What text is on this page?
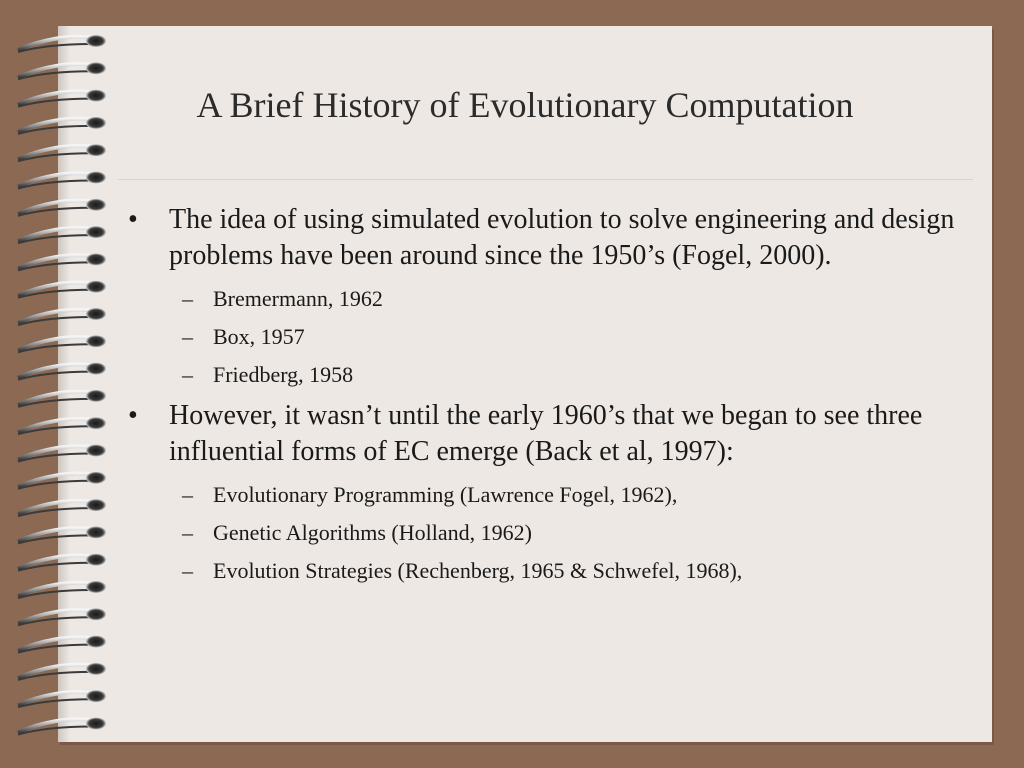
A Brief History of Evolutionary Computation
•	The idea of using simulated evolution to solve engineering and design problems have been around since the 1950’s (Fogel, 2000).
– Bremermann, 1962
– Box, 1957
– Friedberg, 1958
•	However, it wasn’t until the early 1960’s that we began to see three influential forms of EC emerge (Back et al, 1997):
– Evolutionary Programming (Lawrence Fogel, 1962),
– Genetic Algorithms (Holland, 1962)
– Evolution Strategies (Rechenberg, 1965 & Schwefel, 1968),
